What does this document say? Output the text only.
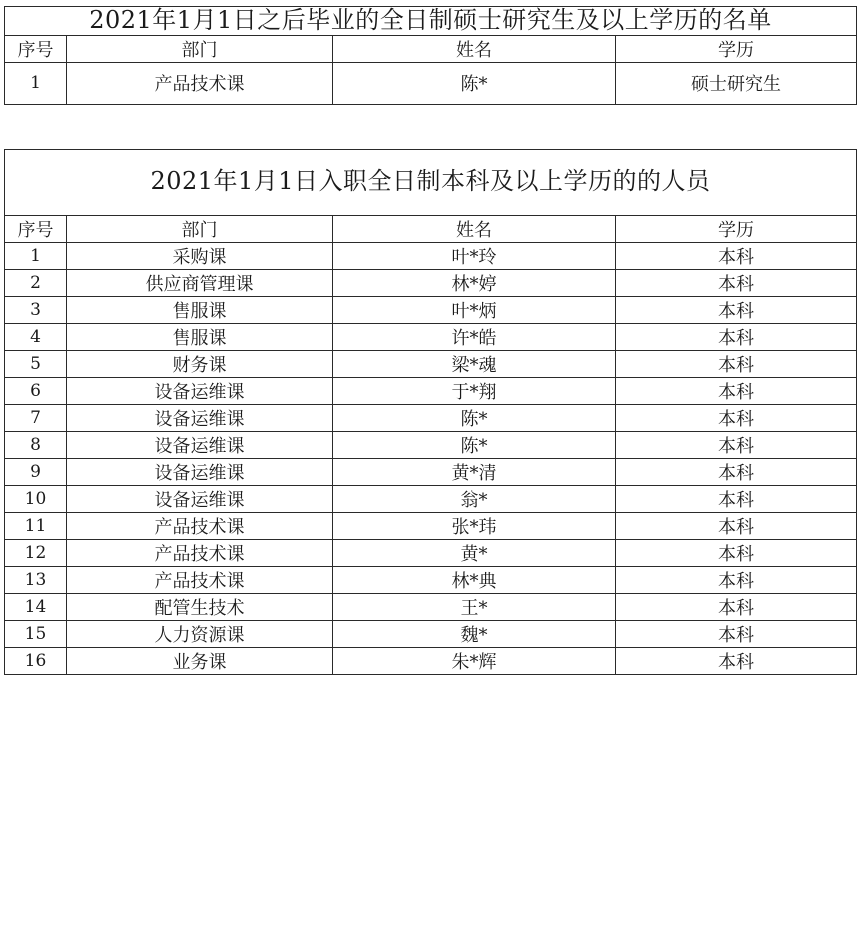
2021年1月1日之后毕业的全日制硕士研究生及以上学历的名单			
序号	部门	姓名	学历
1	产品技术课	陈*	硕士研究生
2021年1月1日入职全日制本科及以上学历的的人员			
序号	部门	姓名	学历
1	采购课	叶*玲	本科
2	供应商管理课	林*婷	本科
3	售服课	叶*炳	本科
4	售服课	许*皓	本科
5	财务课	梁*魂	本科
6	设备运维课	于*翔	本科
7	设备运维课	陈*	本科
8	设备运维课	陈*	本科
9	设备运维课	黄*清	本科
10	设备运维课	翁*	本科
11	产品技术课	张*玮	本科
12	产品技术课	黄*	本科
13	产品技术课	林*典	本科
14	配管生技术	王*	本科
15	人力资源课	魏*	本科
16	业务课	朱*辉	本科
